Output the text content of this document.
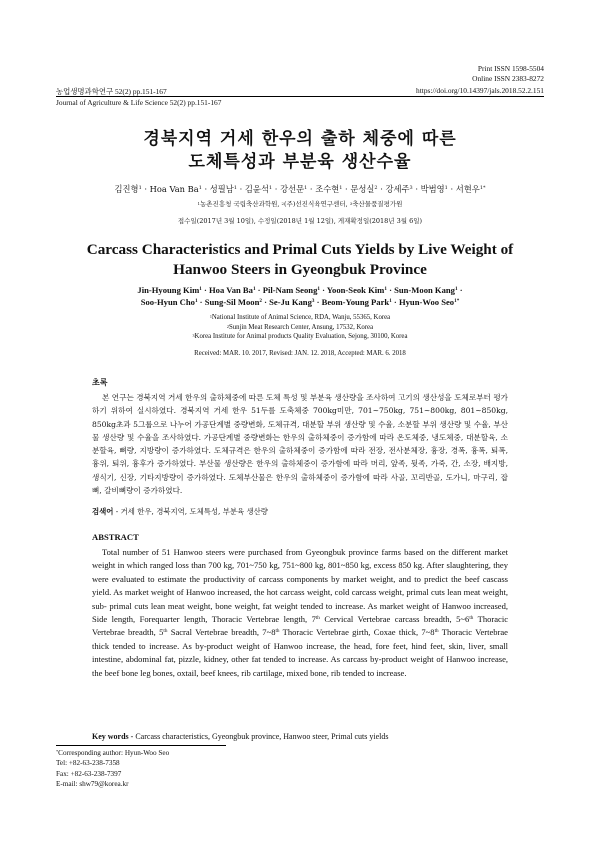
Print ISSN 1598-5504
Online ISSN 2383-8272
농업생명과학연구 52(2) pp.151-167	https://doi.org/10.14397/jals.2018.52.2.151
Journal of Agriculture & Life Science 52(2) pp.151-167
경북지역 거세 한우의 출하 체중에 따른
도체특성과 부분육 생산수율
김진형$^1$ · Hoa Van $Ba^1$ · 성필남$^1$ · 김윤석$^1$ · 강선문$^1$ · 조수현$^1$ · 문성실$^2$ · 강세주$^3$ · 박범영$^1$ · 서현우$^{1*}$
$^1$농촌진흥청 국립축산과학원, $^2$(주)선진식육연구센터, $^3$축산물품질평가원
접수일(2017년 3월 10일), 수정일(2018년 1월 12일), 게재확정일(2018년 3월 6일)
Carcass Characteristics and Primal Cuts Yields by Live Weight of
Hanwoo Steers in Gyeongbuk Province
Jin-Hyoung Kim$^1$ · Hoa Van $Ba^1 \cdot Pil-Nam$ Seong$^1$ · Yoon-Seok Kim$^1$ · Sun-Moon Kang$^1$ ·
Soo-Hyun Cho$^1$ · Sung-Sil Moon$^2$ · Se-Ju Kang$^3$ · Beom-Young Park$^1$ · Hyun-Woo Seo$^{1*}$
$^1$National Institute of Animal Science, RDA, Wanju, 55365, Korea
$^2$Sunjin Meat Research Center, Ansung, 17532, Korea
$^3$Korea Institute for Animal products Quality Evaluation, Sejong, 30100, Korea
Received: MAR. 10. 2017, Revised: JAN. 12. 2018, Accepted: MAR. 6. 2018
초록

본 연구는 경북지역 거세 한우의 출하체중에 따른 도체 특성 및 부분육 생산량을 조사하여 고기의 생산성을 도체로부터 평가하기 위하여 실시하였다. 경북지역 거세 한우 51두를 도축체중 700kg미만, 701~750kg, 751~800kg, 801~850kg, 850kg초과 5그룹으로 나누어 가공단계별 중량변화, 도체규격, 대분할 부위 생산량 및 수율, 소분할 부위 생산량 및 수율, 부산물 생산량 및 수율을 조사하였다. 가공단계별 중량변화는 한우의 출하체중이 증가함에 따라 온도체중, 냉도체중, 대분할육, 소분할육, 뼈량, 지방량이 증가하였다. 도체규격은 한우의 출하체중이 증가함에 따라 전장, 전사분체장, 흉장, 경폭, 흉폭, 퇴폭, 흉위, 퇴위, 흉후가 증가하였다. 부산물 생산량은 한우의 출하체중이 증가함에 따라 머리, 앞족, 뒷족, 가죽, 간, 소장, 배지방, 생식기, 신장, 기타지방량이 증가하였다. 도체부산물은 한우의 출하체중이 증가함에 따라 사골, 꼬리반골, 도가니, 마구리, 잡뼈, 갈비뼈량이 증가하였다.

검색어 - 거세 한우, 경북지역, 도체특성, 부분육 생산량
ABSTRACT

Total number of 51 Hanwoo steers were purchased from Gyeongbuk province farms based on the different market weight in which ranged loss than 700 kg, 701~750 kg, 751~800 kg, 801~850 kg, excess 850 kg. After slaughtering, they were evaluated to estimate the productivity of carcass components by market weight, and to predict the beef cascass yield. As market weight of Hanwoo increased, the hot carcass weight, cold carcass weight, primal cuts lean meat weight, sub- primal cuts lean meat weight, bone weight, fat weight tended to increase. As market weight of Hanwoo increased, Side length, Forequarter length, Thoracic Vertebrae length, 7th Cervical Vertebrae carcass breadth, 5~6th Thoracic Vertebrae breadth, 5th Sacral Vertebrae breadth, 7~8th Thoracic Vertebrae girth, Coxae thick, 7~8th Thoracic Vertebrae thick tended to increase. As by-product weight of Hanwoo increase, the head, fore feet, hind feet, skin, liver, small intestine, abdominal fat, pizzle, kidney, other fat tended to increase. As carcass by-product weight of Hanwoo increase, the beef bone leg bones, oxtail, beef knees, rib cartilage, mixed bone, rib tended to increase.

Key words - Carcass characteristics, Gyeongbuk province, Hanwoo steer, Primal cuts yields
*Corresponding author: Hyun-Woo Seo
Tel: +82-63-238-7358
Fax: +82-63-238-7397
E-mail: shw79@korea.kr
